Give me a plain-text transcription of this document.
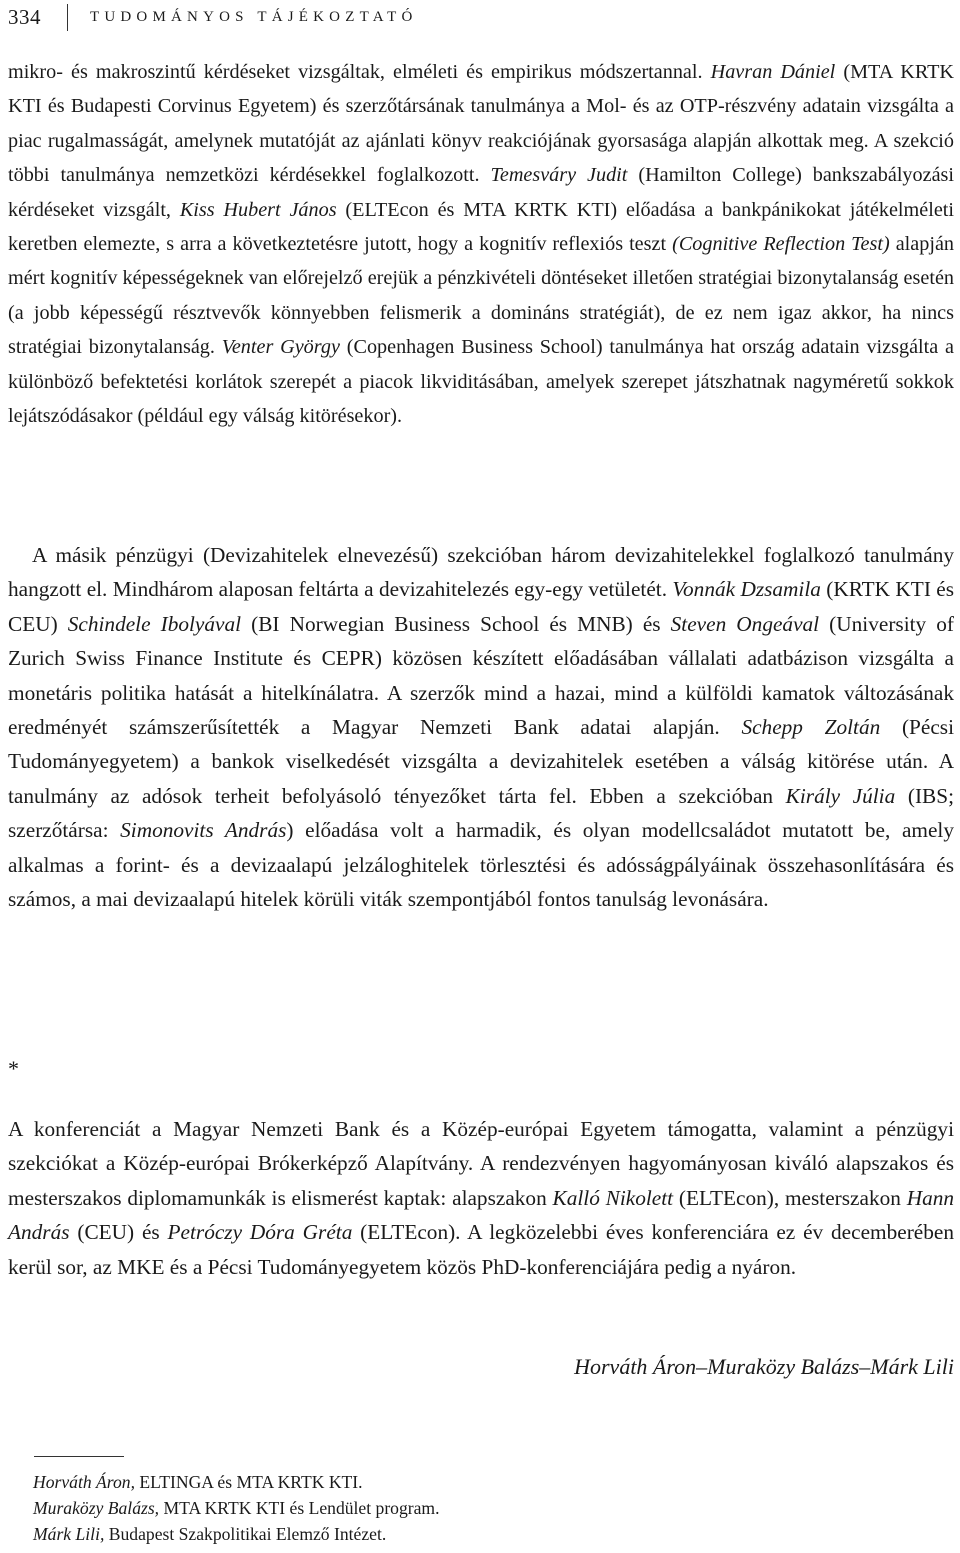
334	TUDOMÁNYOS TÁJÉKOZTATÓ

mikro- és makroszintű kérdéseket vizsgáltak, elméleti és empirikus módszertannal. Havran Dániel (MTA KRTK KTI és Budapesti Corvinus Egyetem) és szerzőtársának tanulmánya a Mol- és az OTP-részvény adatain vizsgálta a piac rugalmasságát, amelynek mutatóját az ajánlati könyv reakciójának gyorsasága alapján alkottak meg. A szekció többi tanulmánya nemzetközi kérdésekkel foglalkozott. Temesváry Judit (Hamilton College) bankszabályozási kérdéseket vizsgált, Kiss Hubert János (ELTEcon és MTA KRTK KTI) előadása a bankpánikokat játékelméleti keretben elemezte, s arra a következtetésre jutott, hogy a kognitív reflexiós teszt (Cognitive Reflection Test) alapján mért kognitív képességeknek van előrejelző erejük a pénzkivételi döntéseket illetően stratégiai bizonytalanság esetén (a jobb képességű résztvevők könnyebben felismerik a domináns stratégiát), de ez nem igaz akkor, ha nincs stratégiai bizonytalanság. Venter György (Copenhagen Business School) tanulmánya hat ország adatain vizsgálta a különböző befektetési korlátok szerepét a piacok likviditásában, amelyek szerepet játszhatnak nagyméretű sokkok lejátszódásakor (például egy válság kitörésekor).

A másik pénzügyi (Devizahitelek elnevezésű) szekcióban három devizahitelekkel foglalkozó tanulmány hangzott el. Mindhárom alaposan feltárta a devizahitelezés egy-egy vetületét. Vonnák Dzsamila (KRTK KTI és CEU) Schindele Ibolyával (BI Norwegian Business School és MNB) és Steven Ongeával (University of Zurich Swiss Finance Institute és CEPR) közösen készített előadásában vállalati adatbázison vizsgálta a monetáris politika hatását a hitelkínálatra. A szerzők mind a hazai, mind a külföldi kamatok változásának eredményét számszerűsítették a Magyar Nemzeti Bank adatai alapján. Schepp Zoltán (Pécsi Tudományegyetem) a bankok viselkedését vizsgálta a devizahitelek esetében a válság kitörése után. A tanulmány az adósok terheit befolyásoló tényezőket tárta fel. Ebben a szekcióban Király Júlia (IBS; szerzőtársa: Simonovits András) előadása volt a harmadik, és olyan modellcsaládot mutatott be, amely alkalmas a forint- és a devizaalapú jelzáloghitelek törlesztési és adósságpályáinak összehasonlítására és számos, a mai devizaalapú hitelek körüli viták szempontjából fontos tanulság levonására.

*

A konferenciát a Magyar Nemzeti Bank és a Közép-európai Egyetem támogatta, valamint a pénzügyi szekciókat a Közép-európai Brókerképző Alapítvány. A rendezvényen hagyományosan kiváló alapszakos és mesterszakos diplomamunkák is elismerést kaptak: alapszakon Kalló Nikolett (ELTEcon), mesterszakon Hann András (CEU) és Petróczy Dóra Gréta (ELTEcon). A legközelebbi éves konferenciára ez év decemberében kerül sor, az MKE és a Pécsi Tudományegyetem közös PhD-konferenciájára pedig a nyáron.

Horváth Áron–Muraközy Balázs–Márk Lili
Horváth Áron, ELTINGA és MTA KRTK KTI.
Muraközy Balázs, MTA KRTK KTI és Lendület program.
Márk Lili, Budapest Szakpolitikai Elemző Intézet.
